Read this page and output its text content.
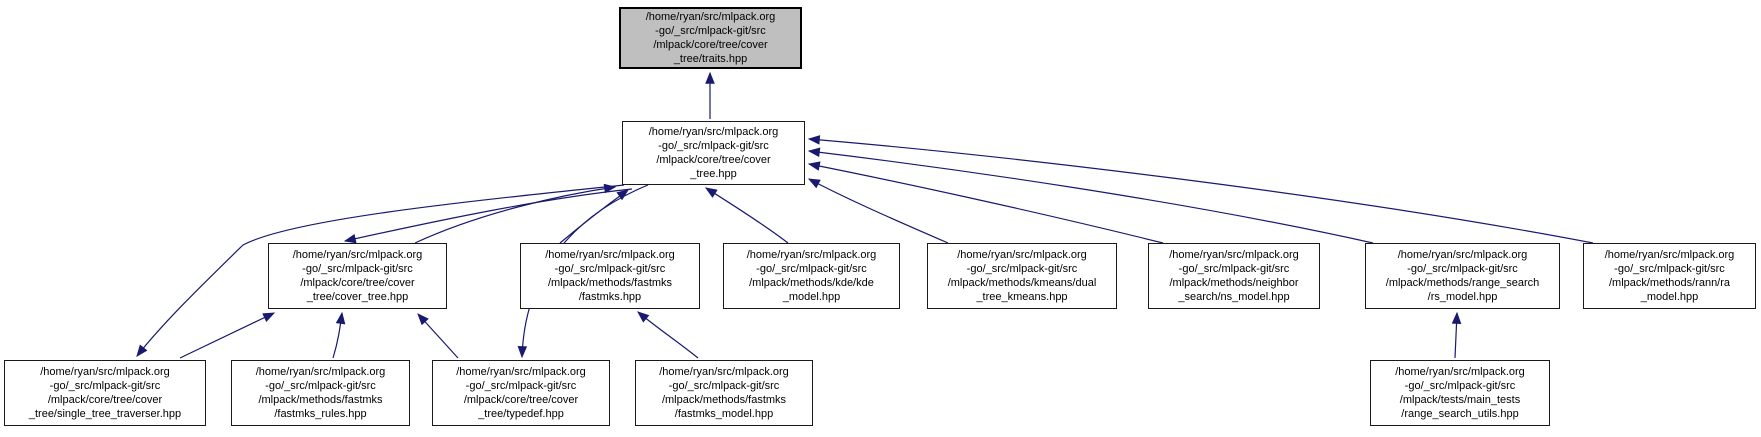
/home/ryan/src/mlpack.org
-go/_src/mlpack-git/src
/mlpack/core/tree/cover
_tree/traits.hpp
/home/ryan/src/mlpack.org
-go/_src/mlpack-git/src
/mlpack/core/tree/cover
_tree.hpp
/home/ryan/src/mlpack.org
-go/_src/mlpack-git/src
/mlpack/core/tree/cover
_tree/cover_tree.hpp
/home/ryan/src/mlpack.org
-go/_src/mlpack-git/src
/mlpack/methods/fastmks
/fastmks.hpp
/home/ryan/src/mlpack.org
-go/_src/mlpack-git/src
/mlpack/methods/kde/kde
_model.hpp
/home/ryan/src/mlpack.org
-go/_src/mlpack-git/src
/mlpack/methods/kmeans/dual
_tree_kmeans.hpp
/home/ryan/src/mlpack.org
-go/_src/mlpack-git/src
/mlpack/methods/neighbor
_search/ns_model.hpp
/home/ryan/src/mlpack.org
-go/_src/mlpack-git/src
/mlpack/methods/range_search
/rs_model.hpp
/home/ryan/src/mlpack.org
-go/_src/mlpack-git/src
/mlpack/methods/rann/ra
_model.hpp
/home/ryan/src/mlpack.org
-go/_src/mlpack-git/src
/mlpack/core/tree/cover
_tree/single_tree_traverser.hpp
/home/ryan/src/mlpack.org
-go/_src/mlpack-git/src
/mlpack/methods/fastmks
/fastmks_rules.hpp
/home/ryan/src/mlpack.org
-go/_src/mlpack-git/src
/mlpack/core/tree/cover
_tree/typedef.hpp
/home/ryan/src/mlpack.org
-go/_src/mlpack-git/src
/mlpack/methods/fastmks
/fastmks_model.hpp
/home/ryan/src/mlpack.org
-go/_src/mlpack-git/src
/mlpack/tests/main_tests
/range_search_utils.hpp
